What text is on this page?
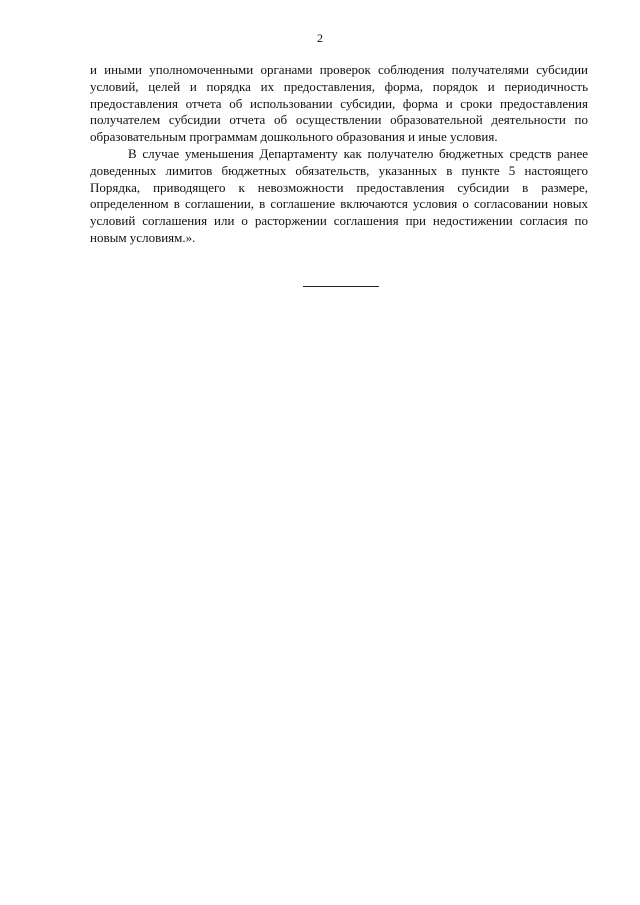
2

и иными уполномоченными органами проверок соблюдения получателями субсидии условий, целей и порядка их предоставления, форма, порядок и периодичность предоставления отчета об использовании субсидии, форма и сроки предоставления получателем субсидии отчета об осуществлении образовательной деятельности по образовательным программам дошкольного образования и иные условия.

В случае уменьшения Департаменту как получателю бюджетных средств ранее доведенных лимитов бюджетных обязательств, указанных в пункте 5 настоящего Порядка, приводящего к невозможности предоставления субсидии в размере, определенном в соглашении, в соглашение включаются условия о согласовании новых условий соглашения или о расторжении соглашения при недостижении согласия по новым условиям.».
